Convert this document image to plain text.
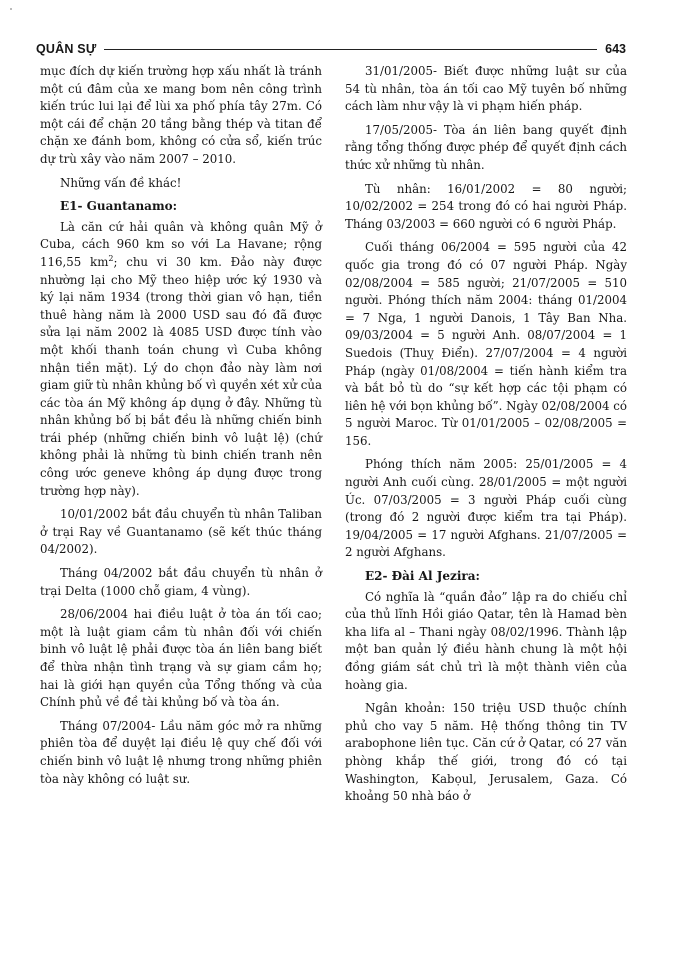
QUÂN SỰ	643

mục đích dự kiến trường hợp xấu nhất là tránh một cú đâm của xe mang bom nên công trình kiến trúc lui lại để lùi xa phố phía tây 27m. Có một cái để chặn 20 tầng bằng thép và titan để chặn xe đánh bom, không có cửa sổ, kiến trúc dự trù xây vào năm 2007 – 2010.

Những vấn đề khác!

E1- Guantanamo:

Là căn cứ hải quân và không quân Mỹ ở Cuba, cách 960 km so với La Havane; rộng 116,55 $km^2$; chu vi 30 km. Đảo này được nhường lại cho Mỹ theo hiệp ước ký 1930 và ký lại năm 1934 (trong thời gian vô hạn, tiền thuê hàng năm là 2000 USD sau đó đã được sửa lại năm 2002 là 4085 USD được tính vào một khối thanh toán chung vì Cuba không nhận tiền mặt). Lý do chọn đảo này làm nơi giam giữ tù nhân khủng bố vì quyền xét xử của các tòa án Mỹ không áp dụng ở đây. Những tù nhân khủng bố bị bắt đều là những chiến binh trái phép (những chiến binh vô luật lệ) (chứ không phải là những tù binh chiến tranh nên công ước geneve không áp dụng được trong trường hợp này).

10/01/2002 bắt đầu chuyển tù nhân Taliban ở trại Ray về Guantanamo (sẽ kết thúc tháng 04/2002).

Tháng 04/2002 bắt đầu chuyển tù nhân ở trại Delta (1000 chỗ giam, 4 vùng).

28/06/2004 hai điều luật ở tòa án tối cao; một là luật giam cầm tù nhân đối với chiến binh vô luật lệ phải được tòa án liên bang biết để thừa nhận tình trạng và sự giam cầm họ; hai là giới hạn quyền của Tổng thống và của Chính phủ về đề tài khủng bố và tòa án.

Tháng 07/2004- Lầu năm góc mở ra những phiên tòa để duyệt lại điều lệ quy chế đối với chiến binh vô luật lệ nhưng trong những phiên tòa này không có luật sư.

31/01/2005- Biết được những luật sư của 54 tù nhân, tòa án tối cao Mỹ tuyên bố những cách làm như vậy là vi phạm hiến pháp.

17/05/2005- Tòa án liên bang quyết định rằng tổng thống được phép để quyết định cách thức xử những tù nhân.

Tù nhân: 16/01/2002 = 80 người; 10/02/2002 = 254 trong đó có hai người Pháp. Tháng 03/2003 = 660 người có 6 người Pháp.

Cuối tháng 06/2004 = 595 người của 42 quốc gia trong đó có 07 người Pháp. Ngày 02/08/2004 = 585 người; 21/07/2005 = 510 người. Phóng thích năm 2004: tháng 01/2004 = 7 Nga, 1 người Danois, 1 Tây Ban Nha. 09/03/2004 = 5 người Anh. 08/07/2004 = 1 Suedois (Thuỵ Điển). 27/07/2004 = 4 người Pháp (ngày 01/08/2004 = tiến hành kiểm tra và bắt bỏ tù do “sự kết hợp các tội phạm có liên hệ với bọn khủng bố”. Ngày 02/08/2004 có 5 người Maroc. Từ 01/01/2005 – 02/08/2005 = 156.

Phóng thích năm 2005: 25/01/2005 = 4 người Anh cuối cùng. 28/01/2005 = một người Úc. 07/03/2005 = 3 người Pháp cuối cùng (trong đó 2 người được kiểm tra tại Pháp). 19/04/2005 = 17 người Afghans. 21/07/2005 = 2 người Afghans.

E2- Đài Al Jezira:

Có nghĩa là “quần đảo” lập ra do chiếu chỉ của thủ lĩnh Hồi giáo Qatar, tên là Hamad bèn kha lifa al – Thani ngày 08/02/1996. Thành lập một ban quản lý điều hành chung là một hội đồng giám sát chủ trì là một thành viên của hoàng gia.

Ngân khoản: 150 triệu USD thuộc chính phủ cho vay 5 năm. Hệ thống thông tin TV arabophone liên tục. Căn cứ ở Qatar, có 27 văn phòng khắp thế giới, trong đó có tại Washington, Kabọul, Jerusalem, Gaza. Có khoảng 50 nhà báo ở
